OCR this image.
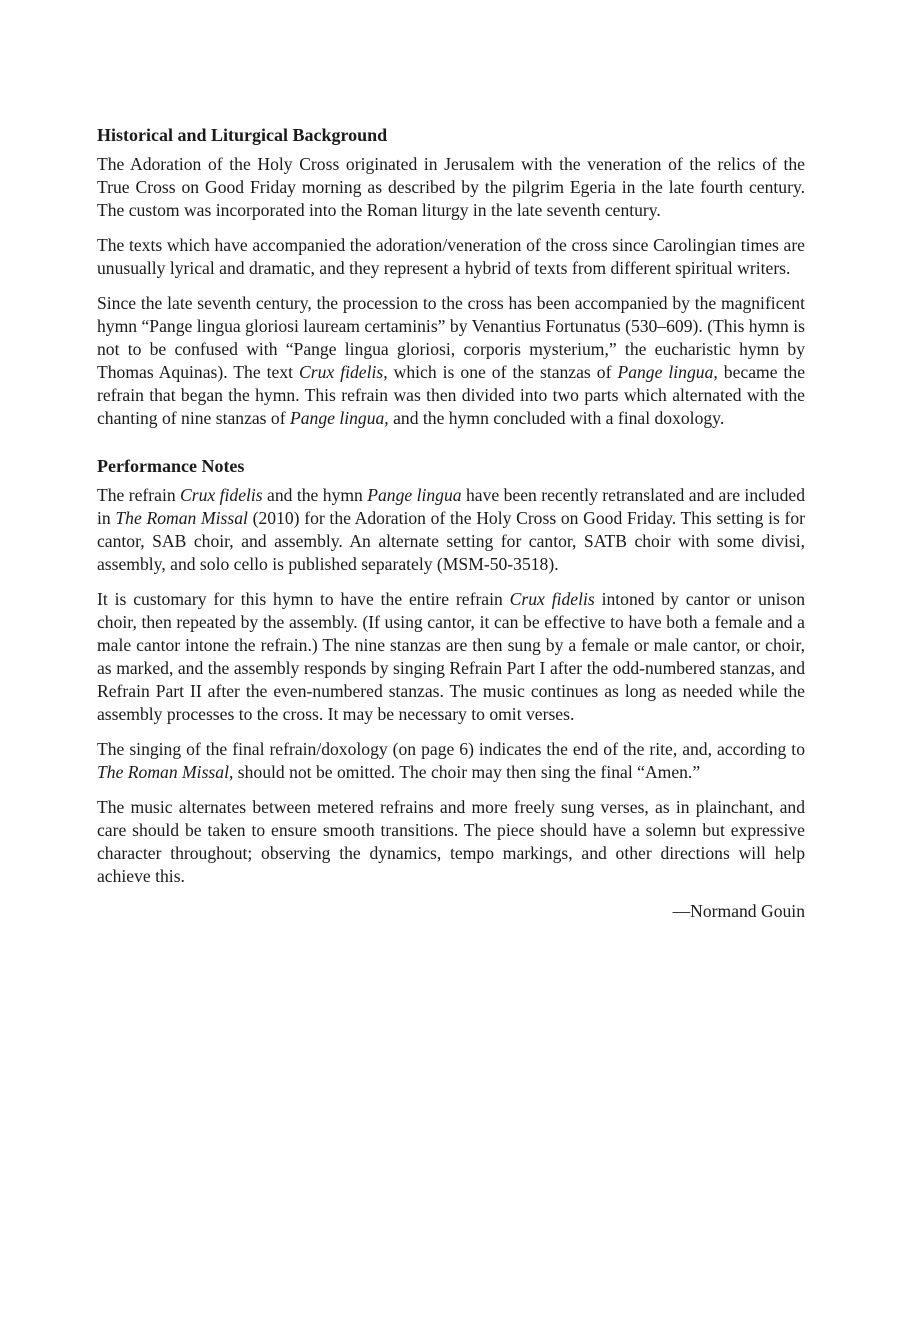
Historical and Liturgical Background

The Adoration of the Holy Cross originated in Jerusalem with the veneration of the relics of the True Cross on Good Friday morning as described by the pilgrim Egeria in the late fourth century. The custom was incorporated into the Roman liturgy in the late seventh century.

The texts which have accompanied the adoration/veneration of the cross since Carolingian times are unusually lyrical and dramatic, and they represent a hybrid of texts from different spiritual writers.

Since the late seventh century, the procession to the cross has been accompanied by the magnificent hymn “Pange lingua gloriosi lauream certaminis” by Venantius Fortunatus (530–609). (This hymn is not to be confused with “Pange lingua gloriosi, corporis mysterium,” the eucharistic hymn by Thomas Aquinas). The text Crux fidelis, which is one of the stanzas of Pange lingua, became the refrain that began the hymn. This refrain was then divided into two parts which alternated with the chanting of nine stanzas of Pange lingua, and the hymn concluded with a final doxology.

Performance Notes

The refrain Crux fidelis and the hymn Pange lingua have been recently retranslated and are included in The Roman Missal (2010) for the Adoration of the Holy Cross on Good Friday. This setting is for cantor, SAB choir, and assembly. An alternate setting for cantor, SATB choir with some divisi, assembly, and solo cello is published separately (MSM-50-3518).

It is customary for this hymn to have the entire refrain Crux fidelis intoned by cantor or unison choir, then repeated by the assembly. (If using cantor, it can be effective to have both a female and a male cantor intone the refrain.) The nine stanzas are then sung by a female or male cantor, or choir, as marked, and the assembly responds by singing Refrain Part I after the odd-numbered stanzas, and Refrain Part II after the even-numbered stanzas. The music continues as long as needed while the assembly processes to the cross. It may be necessary to omit verses.

The singing of the final refrain/doxology (on page 6) indicates the end of the rite, and, according to The Roman Missal, should not be omitted. The choir may then sing the final “Amen.”

The music alternates between metered refrains and more freely sung verses, as in plainchant, and care should be taken to ensure smooth transitions. The piece should have a solemn but expressive character throughout; observing the dynamics, tempo markings, and other directions will help achieve this.

—Normand Gouin
